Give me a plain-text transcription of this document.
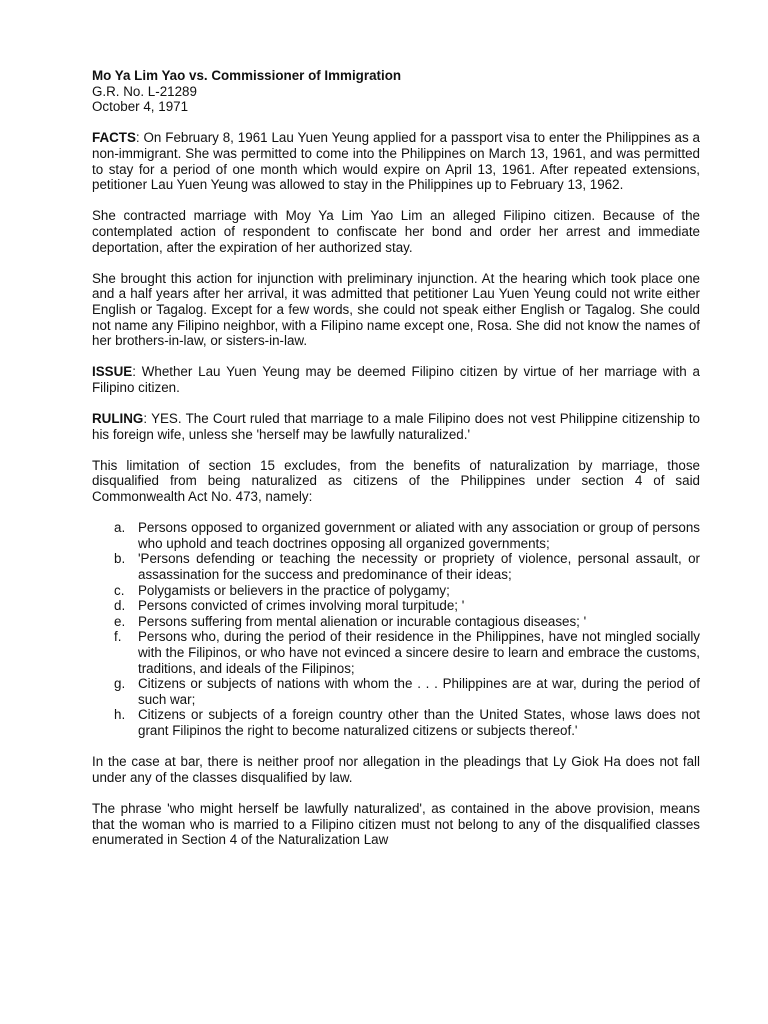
Mo Ya Lim Yao vs. Commissioner of Immigration

G.R. No. L-21289

October 4, 1971

FACTS: On February 8, 1961 Lau Yuen Yeung applied for a passport visa to enter the Philippines as a non-immigrant. She was permitted to come into the Philippines on March 13, 1961, and was permitted to stay for a period of one month which would expire on April 13, 1961. After repeated extensions, petitioner Lau Yuen Yeung was allowed to stay in the Philippines up to February 13, 1962.

She contracted marriage with Moy Ya Lim Yao Lim an alleged Filipino citizen. Because of the contemplated action of respondent to confiscate her bond and order her arrest and immediate deportation, after the expiration of her authorized stay.

She brought this action for injunction with preliminary injunction. At the hearing which took place one and a half years after her arrival, it was admitted that petitioner Lau Yuen Yeung could not write either English or Tagalog. Except for a few words, she could not speak either English or Tagalog. She could not name any Filipino neighbor, with a Filipino name except one, Rosa. She did not know the names of her brothers-in-law, or sisters-in-law.

ISSUE: Whether Lau Yuen Yeung may be deemed Filipino citizen by virtue of her marriage with a Filipino citizen.

RULING: YES. The Court ruled that marriage to a male Filipino does not vest Philippine citizenship to his foreign wife, unless she 'herself may be lawfully naturalized.'

This limitation of section 15 excludes, from the benefits of naturalization by marriage, those disqualified from being naturalized as citizens of the Philippines under section 4 of said Commonwealth Act No. 473, namely:

a. Persons opposed to organized government or aliated with any association or group of persons who uphold and teach doctrines opposing all organized governments;
b. 'Persons defending or teaching the necessity or propriety of violence, personal assault, or assassination for the success and predominance of their ideas;
c. Polygamists or believers in the practice of polygamy;
d. Persons convicted of crimes involving moral turpitude; '
e. Persons suffering from mental alienation or incurable contagious diseases; '
f. Persons who, during the period of their residence in the Philippines, have not mingled socially with the Filipinos, or who have not evinced a sincere desire to learn and embrace the customs, traditions, and ideals of the Filipinos;
g. Citizens or subjects of nations with whom the . . . Philippines are at war, during the period of such war;
h. Citizens or subjects of a foreign country other than the United States, whose laws does not grant Filipinos the right to become naturalized citizens or subjects thereof.'

In the case at bar, there is neither proof nor allegation in the pleadings that Ly Giok Ha does not fall under any of the classes disqualified by law.

The phrase 'who might herself be lawfully naturalized', as contained in the above provision, means that the woman who is married to a Filipino citizen must not belong to any of the disqualified classes enumerated in Section 4 of the Naturalization Law
